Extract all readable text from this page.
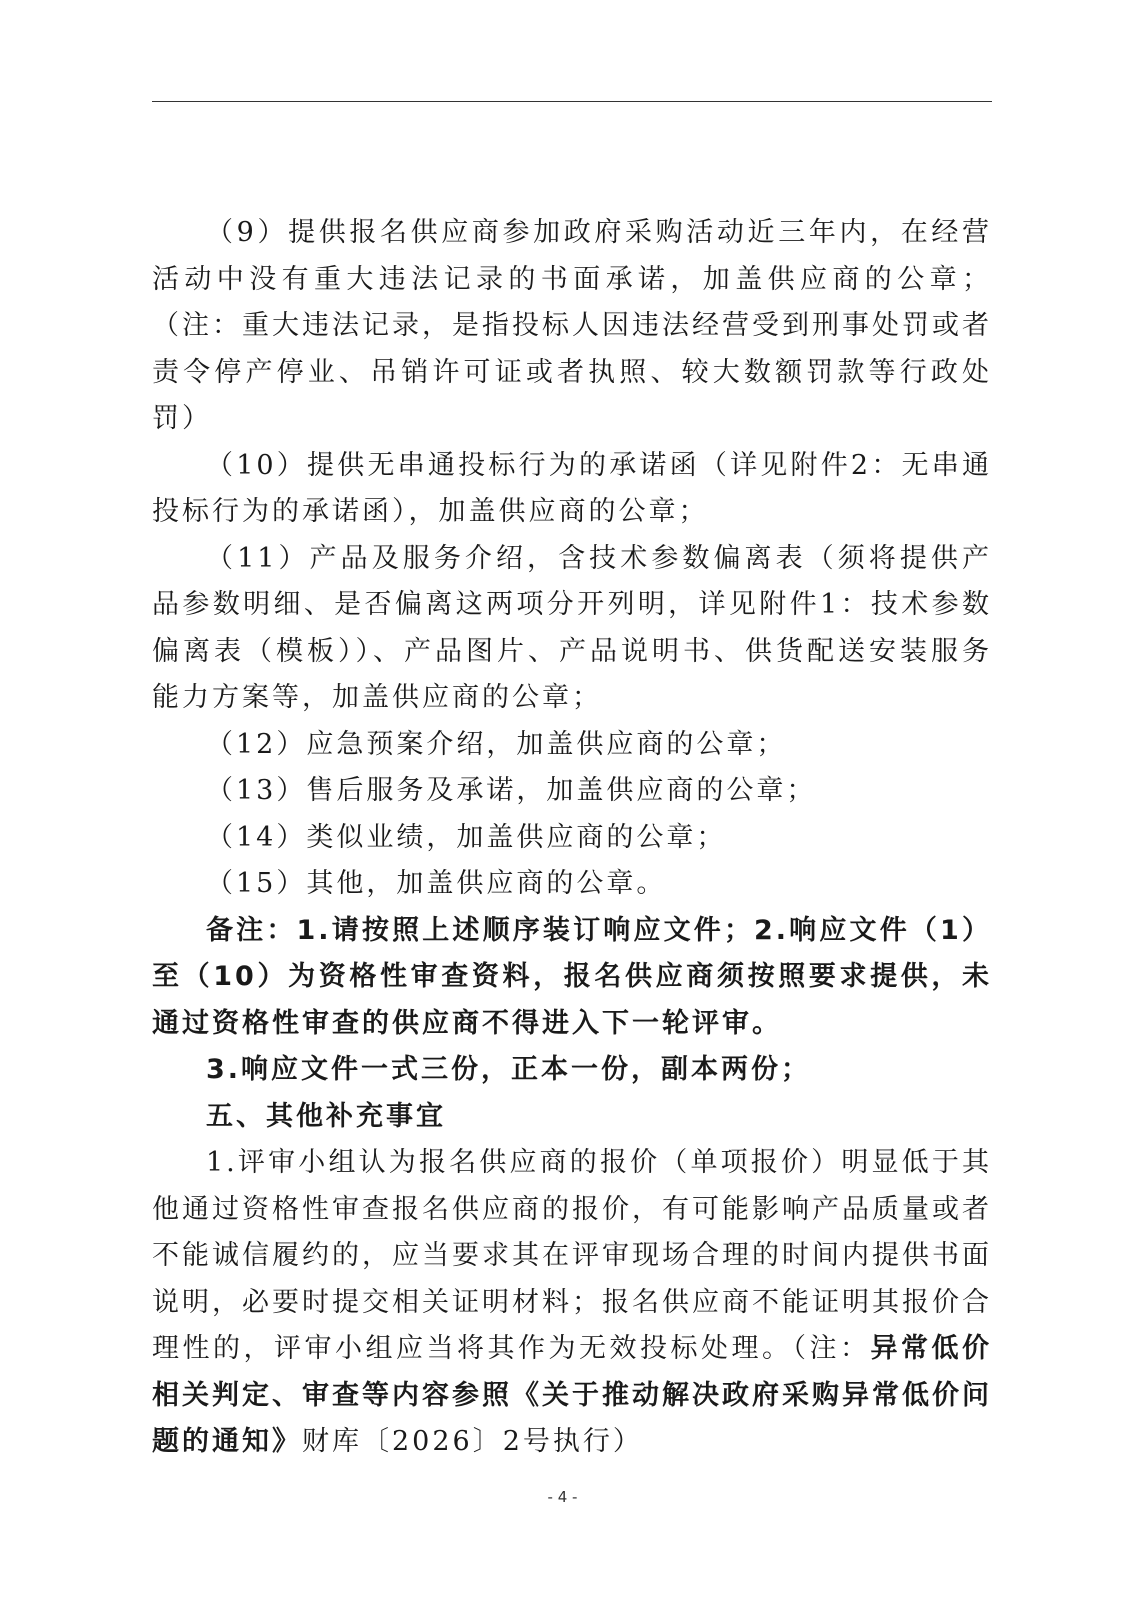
（9）提供报名供应商参加政府采购活动近三年内，在经营活动中没有重大违法记录的书面承诺，加盖供应商的公章；（注：重大违法记录，是指投标人因违法经营受到刑事处罚或者责令停产停业、吊销许可证或者执照、较大数额罚款等行政处罚）

（10）提供无串通投标行为的承诺函（详见附件2：无串通投标行为的承诺函），加盖供应商的公章；

（11）产品及服务介绍，含技术参数偏离表（须将提供产品参数明细、是否偏离这两项分开列明，详见附件1：技术参数偏离表（模板））、产品图片、产品说明书、供货配送安装服务能力方案等，加盖供应商的公章；

（12）应急预案介绍，加盖供应商的公章；

（13）售后服务及承诺，加盖供应商的公章；

（14）类似业绩，加盖供应商的公章；

（15）其他，加盖供应商的公章。

备注：1.请按照上述顺序装订响应文件；2.响应文件（1）至（10）为资格性审查资料，报名供应商须按照要求提供，未通过资格性审查的供应商不得进入下一轮评审。

3.响应文件一式三份，正本一份，副本两份；

五、其他补充事宜

1.评审小组认为报名供应商的报价（单项报价）明显低于其他通过资格性审查报名供应商的报价，有可能影响产品质量或者不能诚信履约的，应当要求其在评审现场合理的时间内提供书面说明，必要时提交相关证明材料；报名供应商不能证明其报价合理性的，评审小组应当将其作为无效投标处理。（注：异常低价相关判定、审查等内容参照《关于推动解决政府采购异常低价问题的通知》财库〔2026〕2号执行）

- 4 -
